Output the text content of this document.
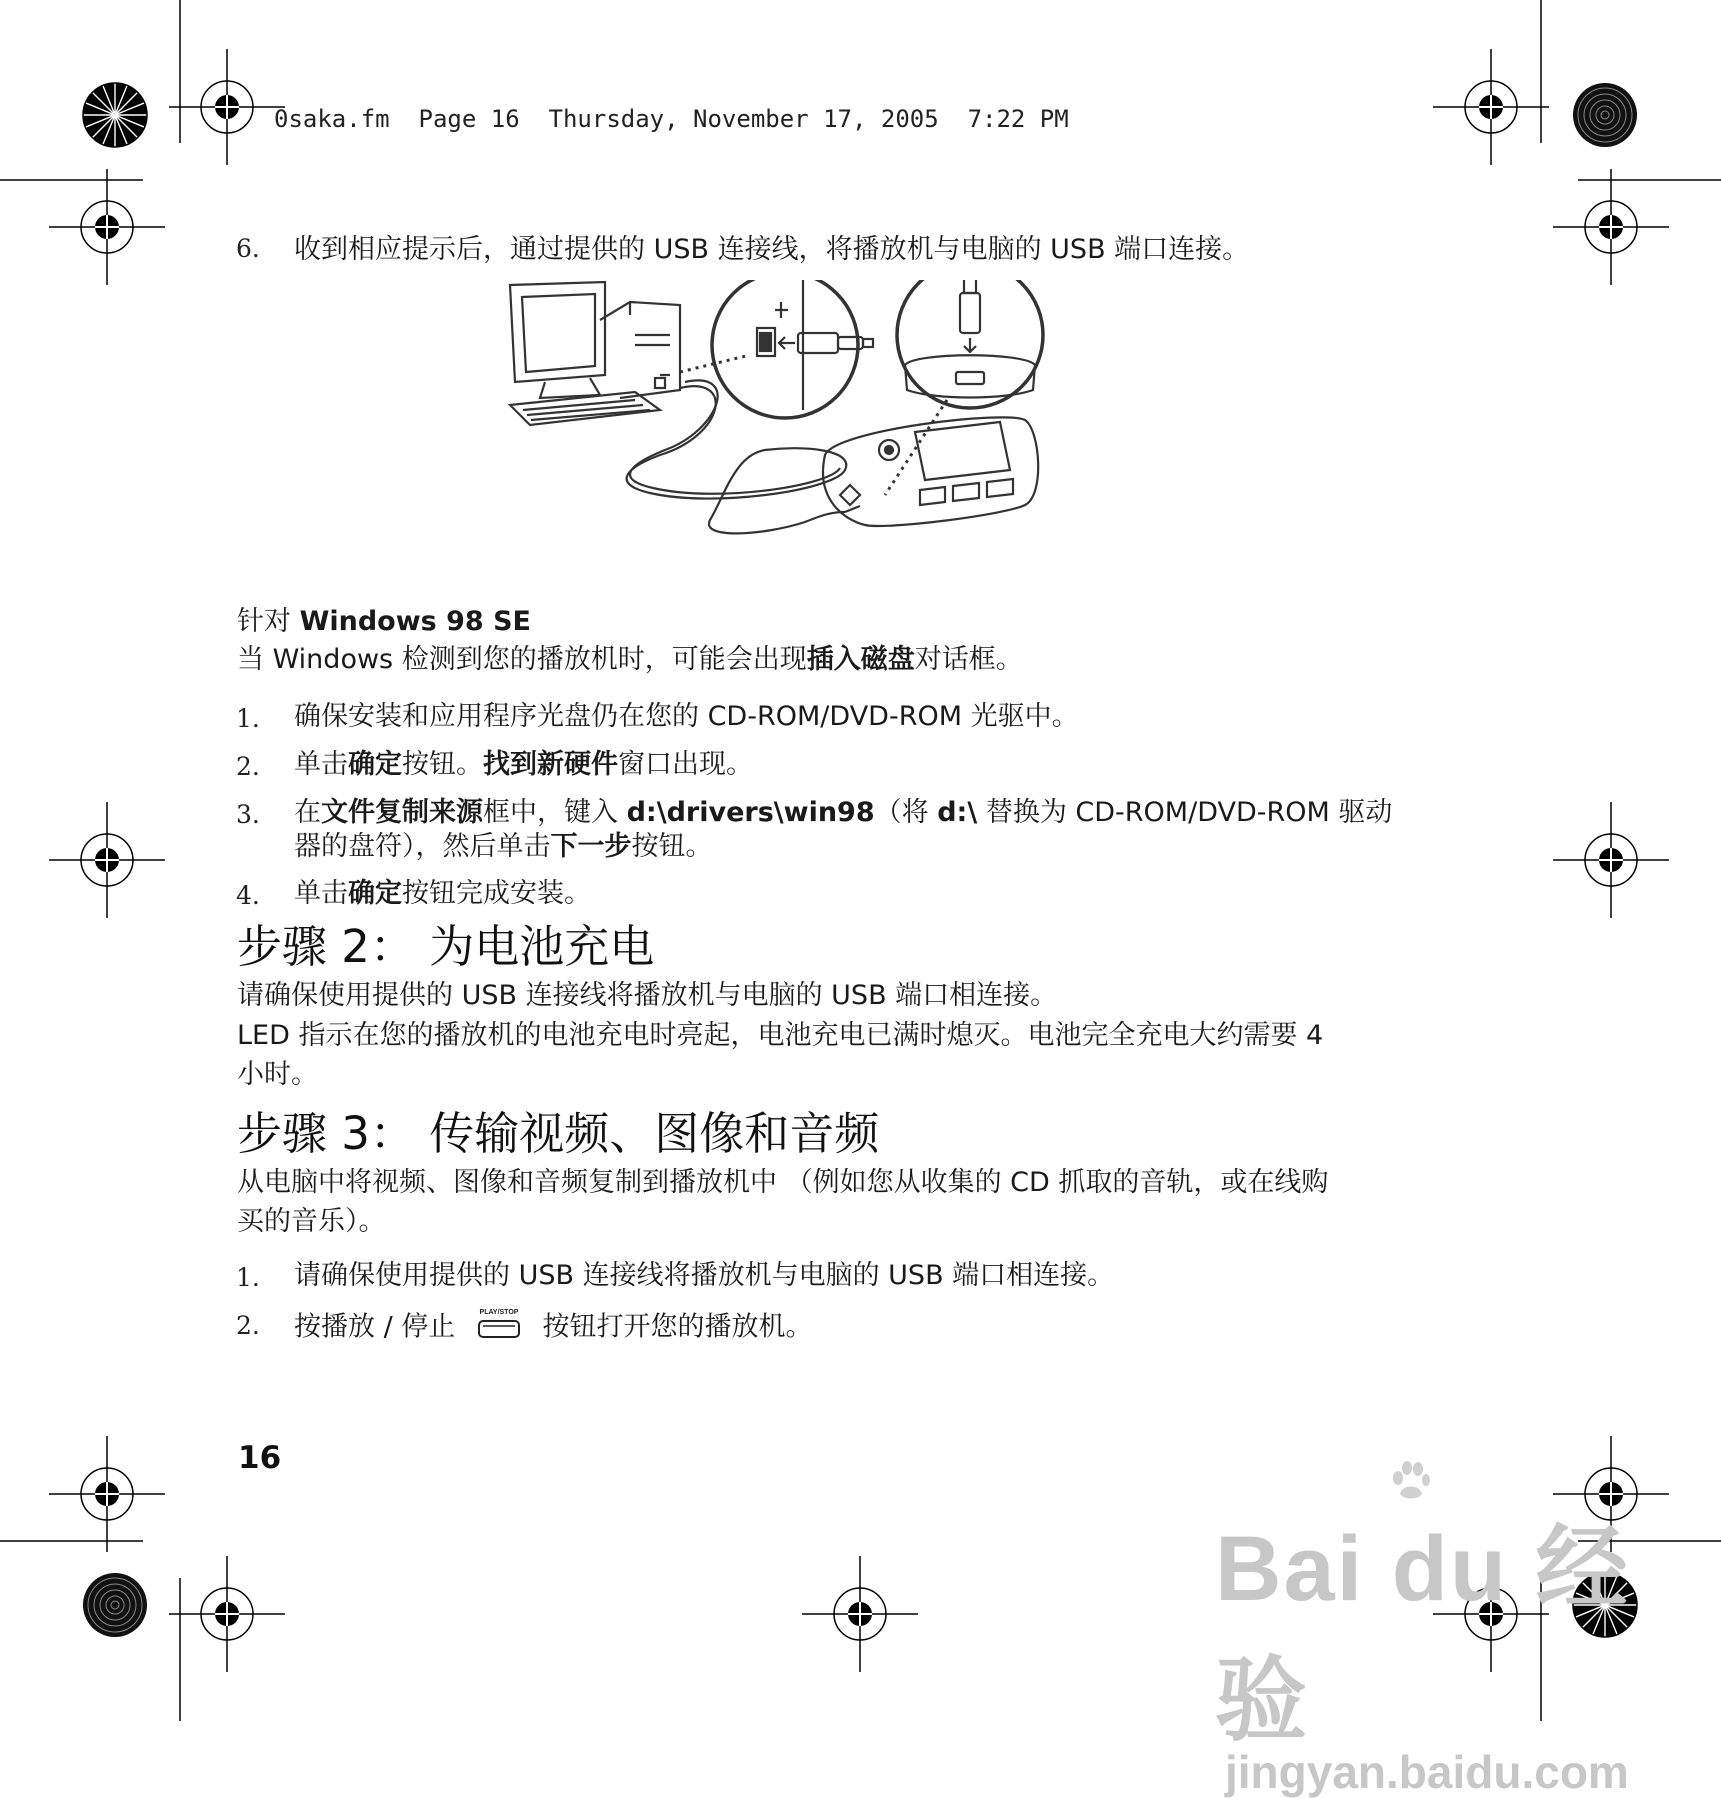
0saka.fm  Page 16  Thursday, November 17, 2005  7:22 PM
6. 收到相应提示后，通过提供的 USB 连接线，将播放机与电脑的 USB 端口连接。
针对 Windows 98 SE
当 Windows 检测到您的播放机时，可能会出现插入磁盘对话框。
1. 确保安装和应用程序光盘仍在您的 CD-ROM/DVD-ROM 光驱中。
2. 单击确定按钮。找到新硬件窗口出现。
3. 在文件复制来源框中，键入 d:\drivers\win98（将 d:\ 替换为 CD-ROM/DVD-ROM 驱动
器的盘符），然后单击下一步按钮。
4. 单击确定按钮完成安装。
步骤 2： 为电池充电
请确保使用提供的 USB 连接线将播放机与电脑的 USB 端口相连接。
LED 指示在您的播放机的电池充电时亮起，电池充电已满时熄灭。电池完全充电大约需要 4
小时。
步骤 3： 传输视频、图像和音频
从电脑中将视频、图像和音频复制到播放机中 （例如您从收集的 CD 抓取的音轨，或在线购
买的音乐）。
1. 请确保使用提供的 USB 连接线将播放机与电脑的 USB 端口相连接。
2. 按播放 / 停止	PLAY/STOP 按钮打开您的播放机。
16
Bai du 经验
jingyan.baidu.com
